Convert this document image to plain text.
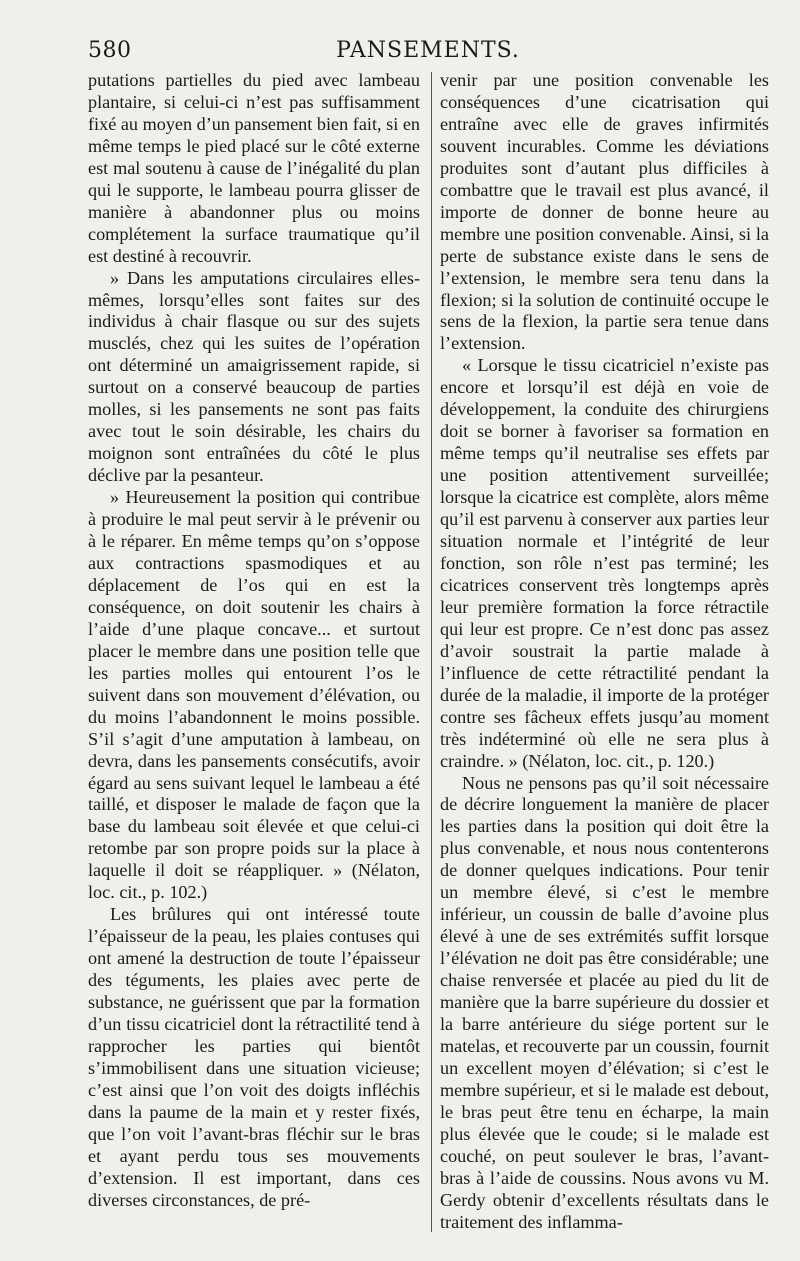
580	PANSEMENTS.

putations partielles du pied avec lambeau plantaire, si celui-ci n’est pas suffisamment fixé au moyen d’un pansement bien fait, si en même temps le pied placé sur le côté externe est mal soutenu à cause de l’inégalité du plan qui le supporte, le lambeau pourra glisser de manière à abandonner plus ou moins complétement la surface traumatique qu’il est destiné à recouvrir.

» Dans les amputations circulaires elles-mêmes, lorsqu’elles sont faites sur des individus à chair flasque ou sur des sujets musclés, chez qui les suites de l’opération ont déterminé un amaigrissement rapide, si surtout on a conservé beaucoup de parties molles, si les pansements ne sont pas faits avec tout le soin désirable, les chairs du moignon sont entraînées du côté le plus déclive par la pesanteur.

» Heureusement la position qui contribue à produire le mal peut servir à le prévenir ou à le réparer. En même temps qu’on s’oppose aux contractions spasmodiques et au déplacement de l’os qui en est la conséquence, on doit soutenir les chairs à l’aide d’une plaque concave... et surtout placer le membre dans une position telle que les parties molles qui entourent l’os le suivent dans son mouvement d’élévation, ou du moins l’abandonnent le moins possible. S’il s’agit d’une amputation à lambeau, on devra, dans les pansements consécutifs, avoir égard au sens suivant lequel le lambeau a été taillé, et disposer le malade de façon que la base du lambeau soit élevée et que celui-ci retombe par son propre poids sur la place à laquelle il doit se réappliquer. » (Nélaton, loc. cit., p. 102.)

Les brûlures qui ont intéressé toute l’épaisseur de la peau, les plaies contuses qui ont amené la destruction de toute l’épaisseur des téguments, les plaies avec perte de substance, ne guérissent que par la formation d’un tissu cicatriciel dont la rétractilité tend à rapprocher les parties qui bientôt s’immobilisent dans une situation vicieuse; c’est ainsi que l’on voit des doigts infléchis dans la paume de la main et y rester fixés, que l’on voit l’avant-bras fléchir sur le bras et ayant perdu tous ses mouvements d’extension. Il est important, dans ces diverses circonstances, de pré-

venir par une position convenable les conséquences d’une cicatrisation qui entraîne avec elle de graves infirmités souvent incurables. Comme les déviations produites sont d’autant plus difficiles à combattre que le travail est plus avancé, il importe de donner de bonne heure au membre une position convenable. Ainsi, si la perte de substance existe dans le sens de l’extension, le membre sera tenu dans la flexion; si la solution de continuité occupe le sens de la flexion, la partie sera tenue dans l’extension.

« Lorsque le tissu cicatriciel n’existe pas encore et lorsqu’il est déjà en voie de développement, la conduite des chirurgiens doit se borner à favoriser sa formation en même temps qu’il neutralise ses effets par une position attentivement surveillée; lorsque la cicatrice est complète, alors même qu’il est parvenu à conserver aux parties leur situation normale et l’intégrité de leur fonction, son rôle n’est pas terminé; les cicatrices conservent très longtemps après leur première formation la force rétractile qui leur est propre. Ce n’est donc pas assez d’avoir soustrait la partie malade à l’influence de cette rétractilité pendant la durée de la maladie, il importe de la protéger contre ses fâcheux effets jusqu’au moment très indéterminé où elle ne sera plus à craindre. » (Nélaton, loc. cit., p. 120.)

Nous ne pensons pas qu’il soit nécessaire de décrire longuement la manière de placer les parties dans la position qui doit être la plus convenable, et nous nous contenterons de donner quelques indications. Pour tenir un membre élevé, si c’est le membre inférieur, un coussin de balle d’avoine plus élevé à une de ses extrémités suffit lorsque l’élévation ne doit pas être considérable; une chaise renversée et placée au pied du lit de manière que la barre supérieure du dossier et la barre antérieure du siége portent sur le matelas, et recouverte par un coussin, fournit un excellent moyen d’élévation; si c’est le membre supérieur, et si le malade est debout, le bras peut être tenu en écharpe, la main plus élevée que le coude; si le malade est couché, on peut soulever le bras, l’avant-bras à l’aide de coussins. Nous avons vu M. Gerdy obtenir d’excellents résultats dans le traitement des inflamma-
